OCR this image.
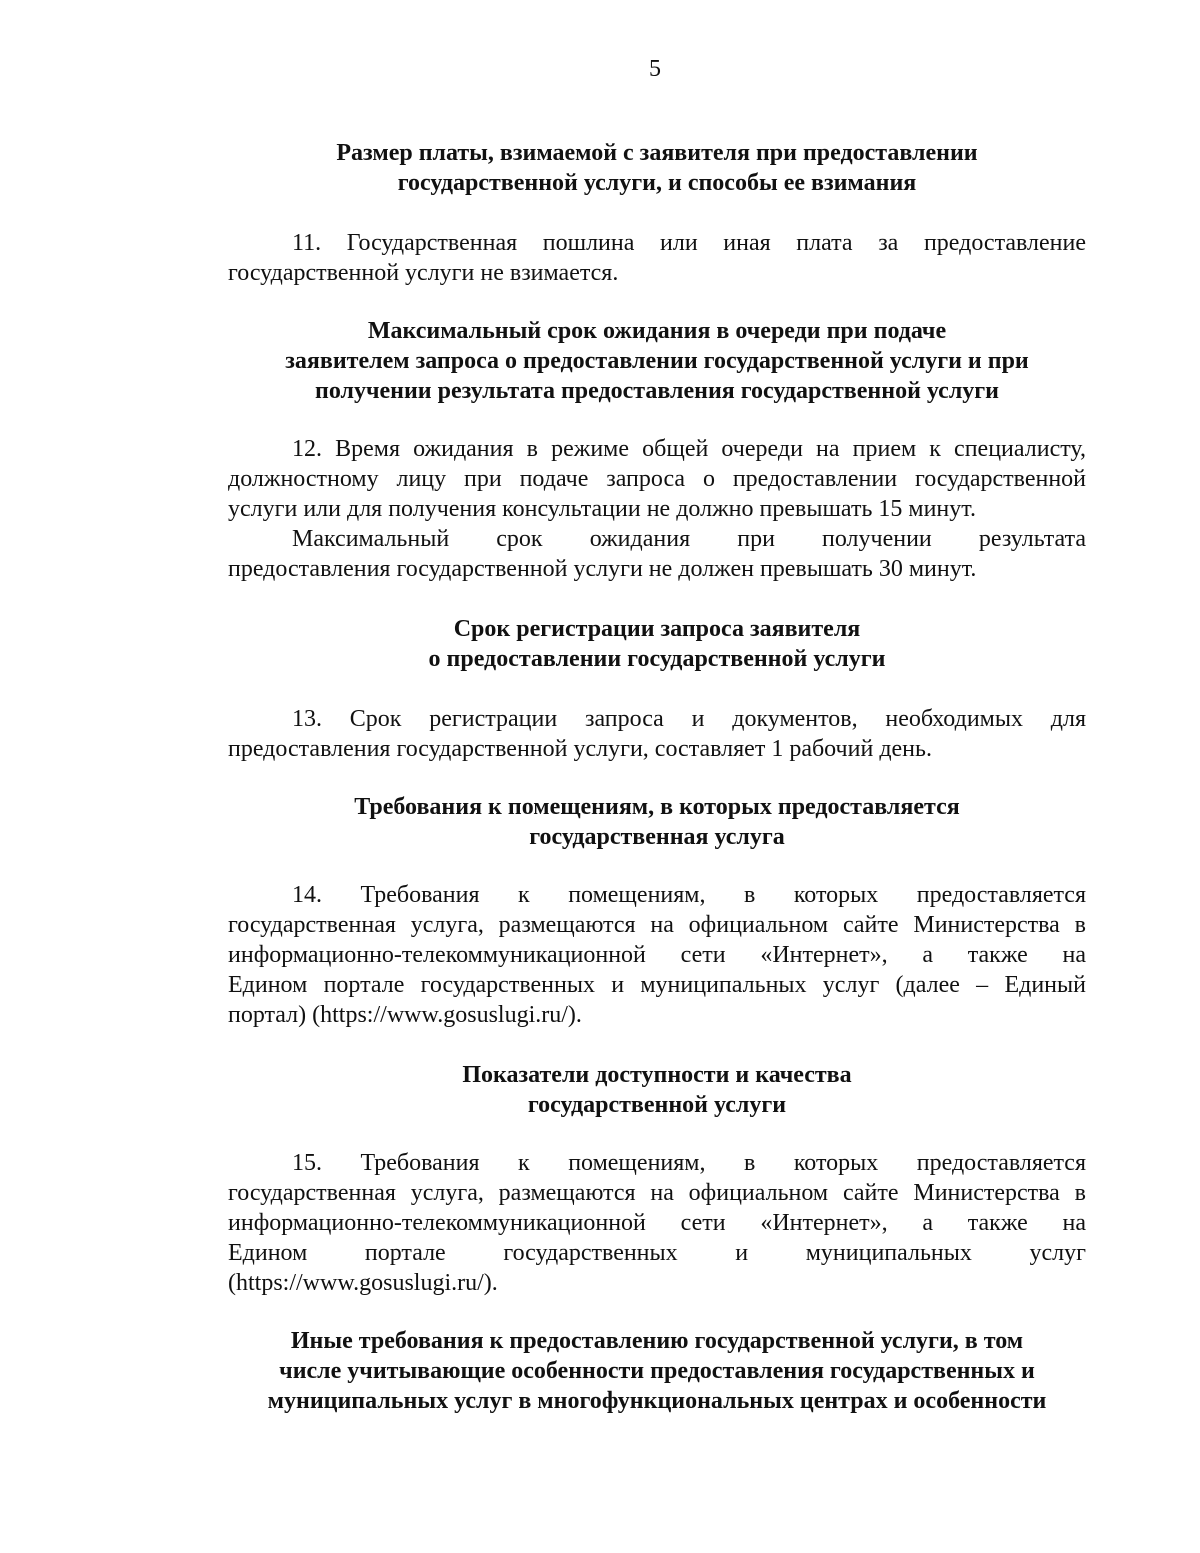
5
Размер платы, взимаемой с заявителя при предоставлении
государственной услуги, и способы ее взимания
11. Государственная пошлина или иная плата за предоставление
государственной услуги не взимается.
Максимальный срок ожидания в очереди при подаче
заявителем запроса о предоставлении государственной услуги и при
получении результата предоставления государственной услуги
12. Время ожидания в режиме общей очереди на прием к специалисту,
должностному лицу при подаче запроса о предоставлении государственной
услуги или для получения консультации не должно превышать 15 минут.
Максимальный срок ожидания при получении результата
предоставления государственной услуги не должен превышать 30 минут.
Срок регистрации запроса заявителя
о предоставлении государственной услуги
13. Срок регистрации запроса и документов, необходимых для
предоставления государственной услуги, составляет 1 рабочий день.
Требования к помещениям, в которых предоставляется
государственная услуга
14. Требования к помещениям, в которых предоставляется
государственная услуга, размещаются на официальном сайте Министерства в
информационно-телекоммуникационной сети «Интернет», а также на
Едином портале государственных и муниципальных услуг (далее – Единый
портал) (https://www.gosuslugi.ru/).
Показатели доступности и качества
государственной услуги
15. Требования к помещениям, в которых предоставляется
государственная услуга, размещаются на официальном сайте Министерства в
информационно-телекоммуникационной сети «Интернет», а также на
Едином портале государственных и муниципальных услуг
(https://www.gosuslugi.ru/).
Иные требования к предоставлению государственной услуги, в том
числе учитывающие особенности предоставления государственных и
муниципальных услуг в многофункциональных центрах и особенности
